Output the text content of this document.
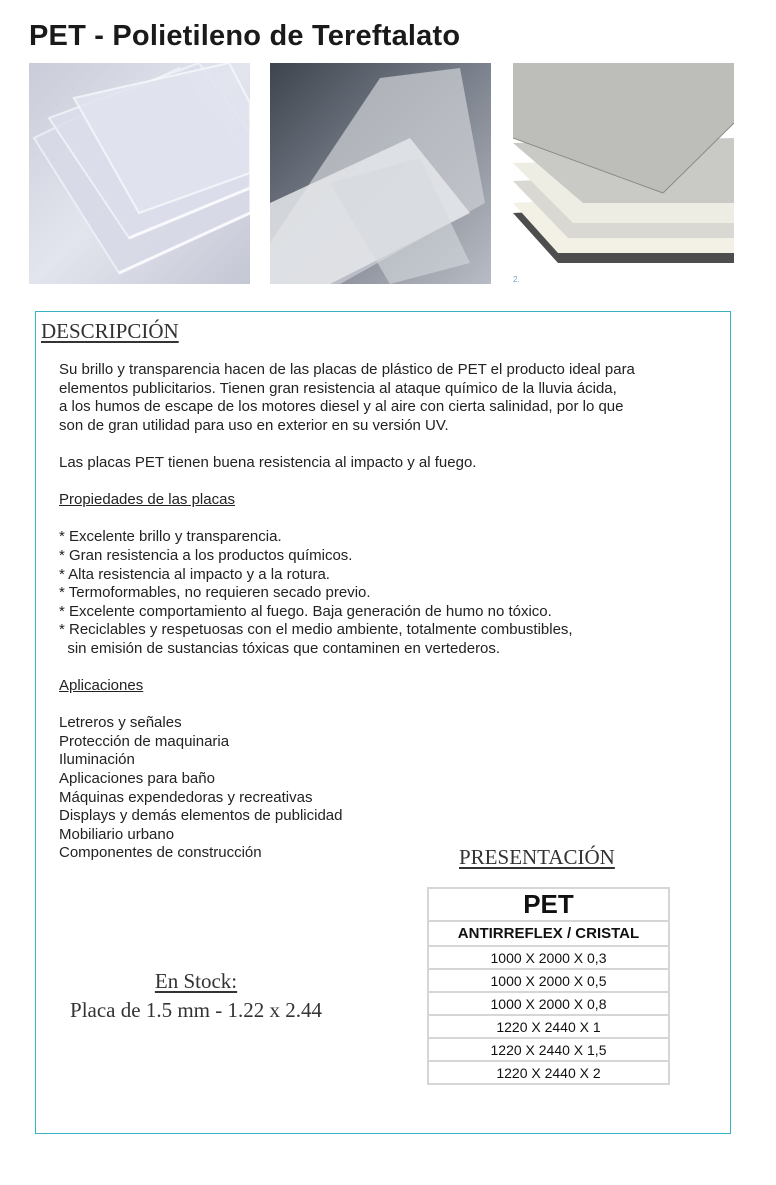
PET - Polietileno de Tereftalato
2.
DESCRIPCIÓN

Su brillo y transparencia hacen de las placas de plástico de PET el producto ideal para

elementos publicitarios. Tienen gran resistencia al ataque químico de la lluvia ácida,

a los humos de escape de los motores diesel y al aire con cierta salinidad, por lo que

son de gran utilidad para uso en exterior en su versión UV.

Las placas PET tienen buena resistencia al impacto y al fuego.

Propiedades de las placas

* Excelente brillo y transparencia.

* Gran resistencia a los productos químicos.

* Alta resistencia al impacto y a la rotura.

* Termoformables, no requieren secado previo.

* Excelente comportamiento al fuego. Baja generación de humo no tóxico.

* Reciclables y respetuosas con el medio ambiente, totalmente combustibles,

sin emisión de sustancias tóxicas que contaminen en vertederos.

Aplicaciones

Letreros y señales

Protección de maquinaria

Iluminación

Aplicaciones para baño

Máquinas expendedoras y recreativas

Displays y demás elementos de publicidad

Mobiliario urbano

Componentes de construcción	PRESENTACIÓN
En Stock:
Placa de 1.5 mm - 1.22 x 2.44
PET
ANTIRREFLEX / CRISTAL
1000 X 2000 X 0,3
1000 X 2000 X 0,5
1000 X 2000 X 0,8
1220 X 2440 X 1
1220 X 2440 X 1,5
1220 X 2440 X 2
